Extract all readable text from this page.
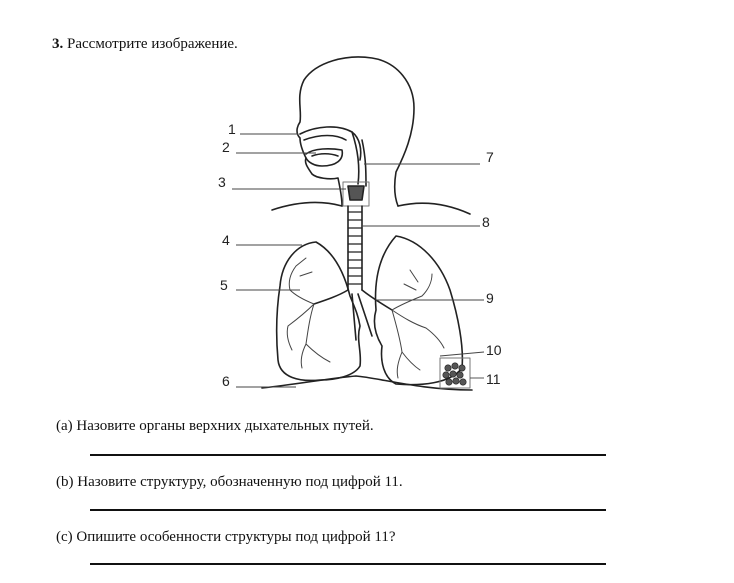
3. Рассмотрите изображение.
1
2
3
4
5
6
7
8
9
10
11
(a) Назовите органы верхних дыхательных путей.
(b) Назовите структуру, обозначенную под цифрой 11.
(c) Опишите особенности структуры под цифрой 11?
